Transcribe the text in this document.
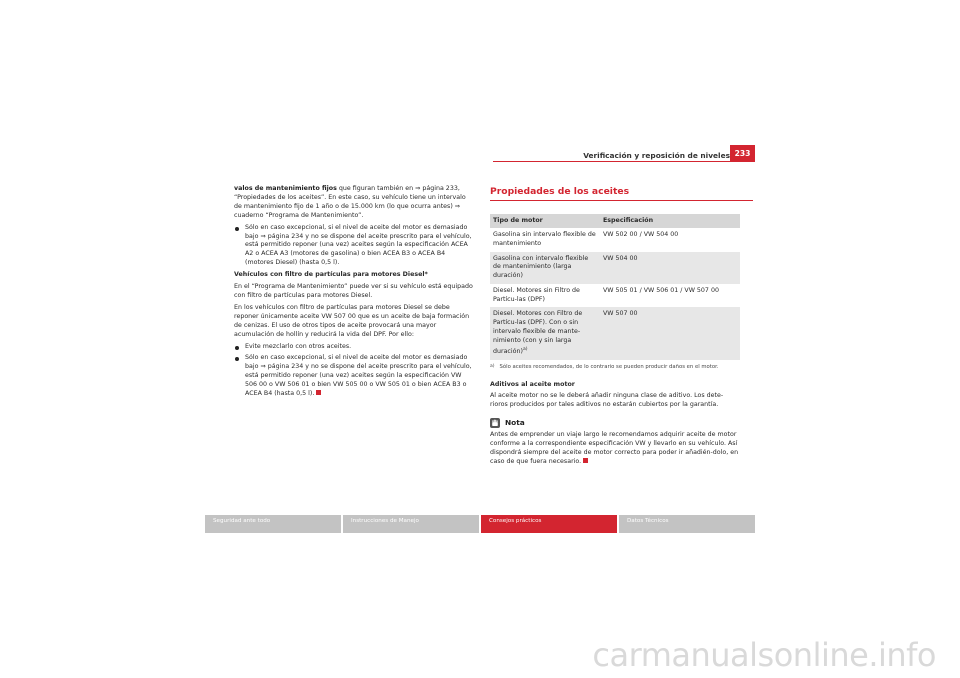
Verificación y reposición de niveles 233

valos de mantenimiento fijos que figuran también en ⇒ página 233, “Propiedades de los aceites”. En este caso, su vehículo tiene un intervalo de mantenimiento fijo de 1 año o de 15.000 km (lo que ocurra antes) ⇒ cuaderno “Programa de Mantenimiento”.

Sólo en caso excepcional, si el nivel de aceite del motor es demasiado bajo ⇒ página 234 y no se dispone del aceite prescrito para el vehículo, está permitido reponer (una vez) aceites según la especificación ACEA A2 o ACEA A3 (motores de gasolina) o bien ACEA B3 o ACEA B4 (motores Diesel) (hasta 0,5 l).

Vehículos con filtro de partículas para motores Diesel*

En el “Programa de Mantenimiento” puede ver si su vehículo está equipado con filtro de partículas para motores Diesel.

En los vehículos con filtro de partículas para motores Diesel se debe reponer únicamente aceite VW 507 00 que es un aceite de baja formación de cenizas. El uso de otros tipos de aceite provocará una mayor acumulación de hollín y reducirá la vida del DPF. Por ello:

Evite mezclarlo con otros aceites.

Sólo en caso excepcional, si el nivel de aceite del motor es demasiado bajo ⇒ página 234 y no se dispone del aceite prescrito para el vehículo, está permitido reponer (una vez) aceites según la especificación VW 506 00 o VW 506 01 o bien VW 505 00 o VW 505 01 o bien ACEA B3 o ACEA B4 (hasta 0,5 l).

Propiedades de los aceites
Tipo de motor	Especificación
Gasolina sin intervalo flexible de mantenimiento	VW 502 00 / VW 504 00
Gasolina con intervalo flexible de mantenimiento (larga duración)	VW 504 00
Diesel. Motores sin Filtro de Partícu-las (DPF)	VW 505 01 / VW 506 01 / VW 507 00
Diesel. Motores con Filtro de Partícu-las (DPF). Con o sin intervalo flexible de mante-nimiento (con y sin larga duración)$^{a)}$	VW 507 00
a) Sólo aceites recomendados, de lo contrario se pueden producir daños en el motor.

Aditivos al aceite motor

Al aceite motor no se le deberá añadir ninguna clase de aditivo. Los dete-rioros producidos por tales aditivos no estarán cubiertos por la garantía.

Nota

Antes de emprender un viaje largo le recomendamos adquirir aceite de motor conforme a la correspondiente especificación VW y llevarlo en su vehículo. Así dispondrá siempre del aceite de motor correcto para poder ir añadién-dolo, en caso de que fuera necesario.

Seguridad ante todo	Instrucciones de Manejo	Consejos prácticos	Datos Técnicos
carmanualsonline.info
